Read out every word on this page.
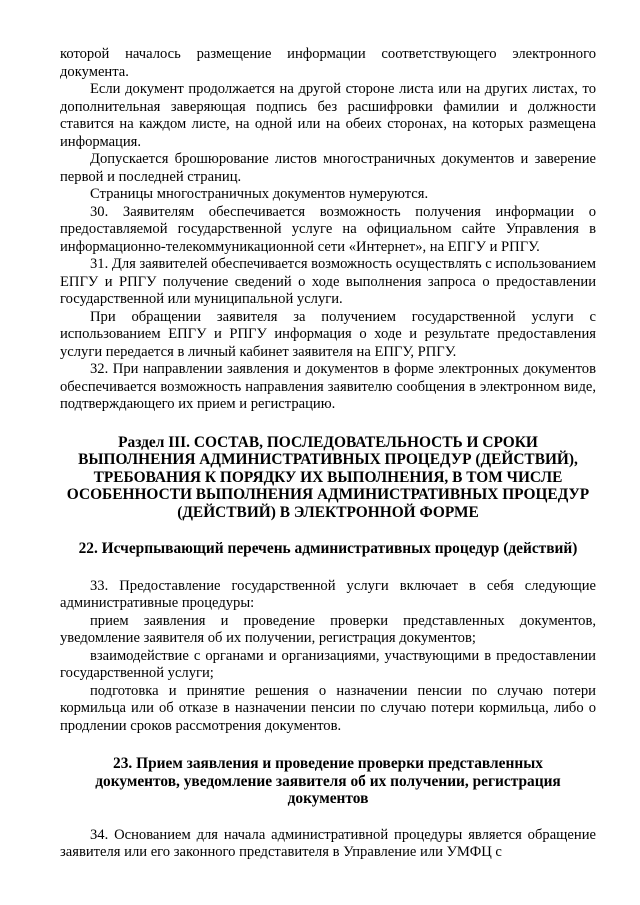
которой началось размещение информации соответствующего электронного документа.

Если документ продолжается на другой стороне листа или на других листах, то дополнительная заверяющая подпись без расшифровки фамилии и должности ставится на каждом листе, на одной или на обеих сторонах, на которых размещена информация.

Допускается брошюрование листов многостраничных документов и заверение первой и последней страниц.

Страницы многостраничных документов нумеруются.

30. Заявителям обеспечивается возможность получения информации о предоставляемой государственной услуге на официальном сайте Управления в информационно-телекоммуникационной сети «Интернет», на ЕПГУ и РПГУ.

31. Для заявителей обеспечивается возможность осуществлять с использованием ЕПГУ и РПГУ получение сведений о ходе выполнения запроса о предоставлении государственной или муниципальной услуги.

При обращении заявителя за получением государственной услуги с использованием ЕПГУ и РПГУ информация о ходе и результате предоставления услуги передается в личный кабинет заявителя на ЕПГУ, РПГУ.

32. При направлении заявления и документов в форме электронных документов обеспечивается возможность направления заявителю сообщения в электронном виде, подтверждающего их прием и регистрацию.

Раздел III. СОСТАВ, ПОСЛЕДОВАТЕЛЬНОСТЬ И СРОКИ
ВЫПОЛНЕНИЯ АДМИНИСТРАТИВНЫХ ПРОЦЕДУР (ДЕЙСТВИЙ),
ТРЕБОВАНИЯ К ПОРЯДКУ ИХ ВЫПОЛНЕНИЯ, В ТОМ ЧИСЛЕ
ОСОБЕННОСТИ ВЫПОЛНЕНИЯ АДМИНИСТРАТИВНЫХ ПРОЦЕДУР
(ДЕЙСТВИЙ) В ЭЛЕКТРОННОЙ ФОРМЕ

22. Исчерпывающий перечень административных процедур (действий)

33. Предоставление государственной услуги включает в себя следующие административные процедуры:

прием заявления и проведение проверки представленных документов, уведомление заявителя об их получении, регистрация документов;

взаимодействие с органами и организациями, участвующими в предоставлении государственной услуги;

подготовка и принятие решения о назначении пенсии по случаю потери кормильца или об отказе в назначении пенсии по случаю потери кормильца, либо о продлении сроков рассмотрения документов.

23. Прием заявления и проведение проверки представленных
документов, уведомление заявителя об их получении, регистрация
документов

34. Основанием для начала административной процедуры является обращение заявителя или его законного представителя в Управление или УМФЦ с
